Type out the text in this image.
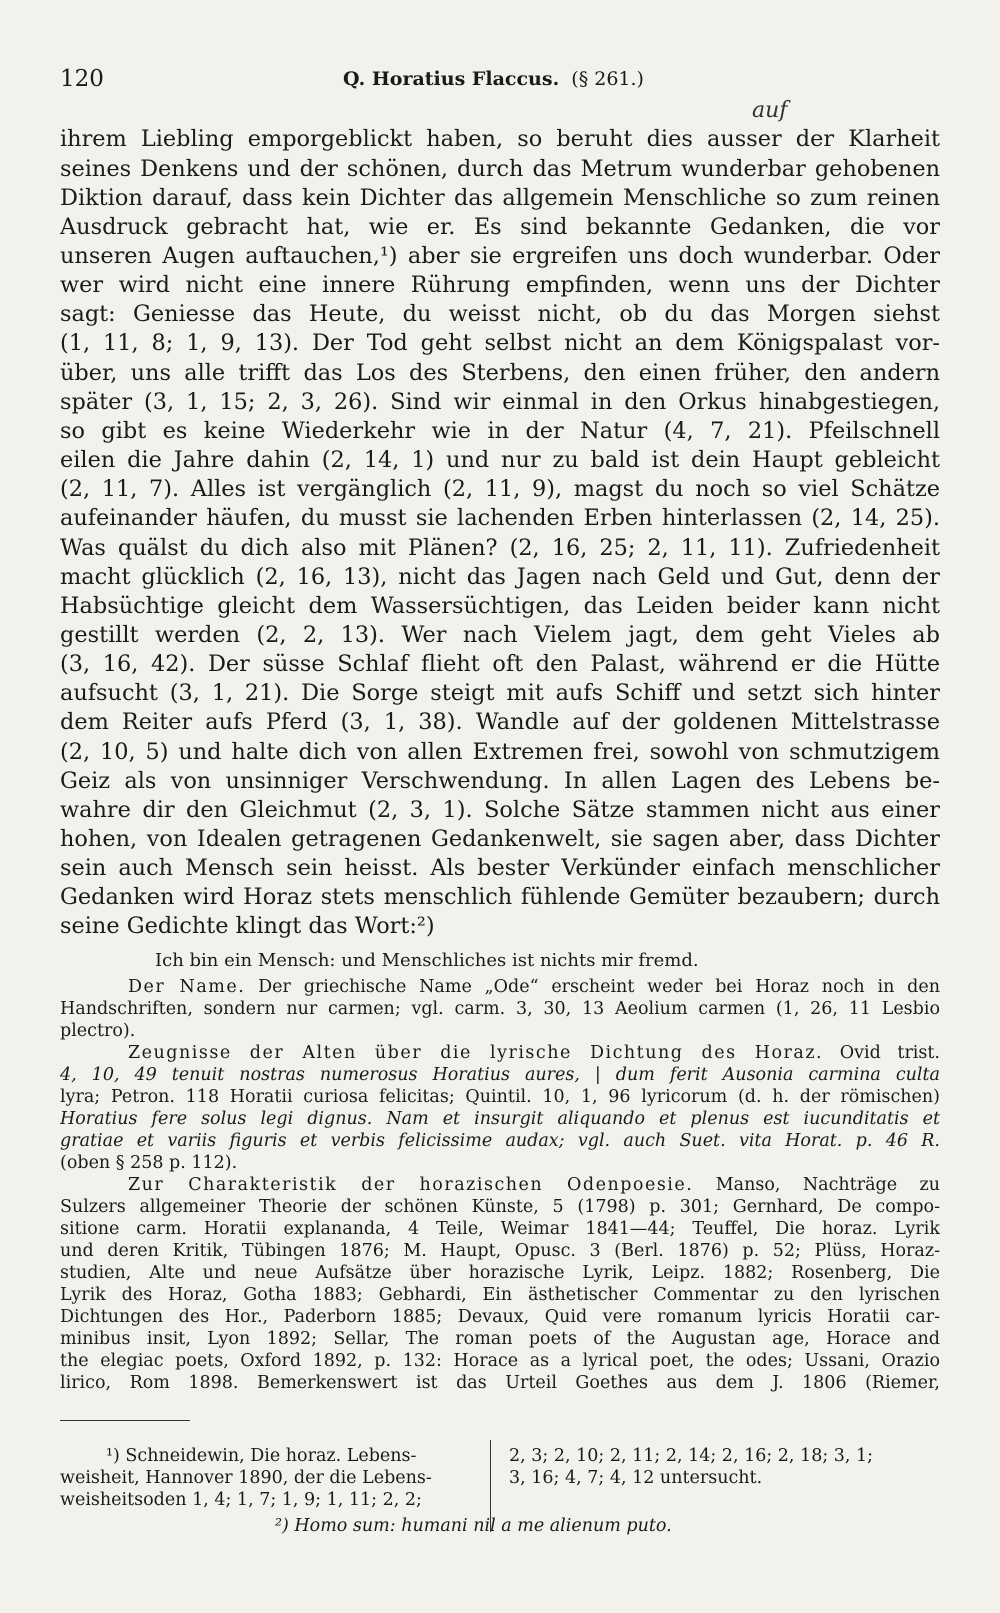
120	Q. Horatius Flaccus. (§ 261.)
auf
ihrem Liebling emporgeblickt haben, so beruht dies ausser der Klarheit
seines Denkens und der schönen, durch das Metrum wunderbar gehobenen
Diktion darauf, dass kein Dichter das allgemein Menschliche so zum reinen
Ausdruck gebracht hat, wie er. Es sind bekannte Gedanken, die vor
unseren Augen auftauchen,¹) aber sie ergreifen uns doch wunderbar. Oder
wer wird nicht eine innere Rührung empfinden, wenn uns der Dichter
sagt: Geniesse das Heute, du weisst nicht, ob du das Morgen siehst
(1, 11, 8; 1, 9, 13). Der Tod geht selbst nicht an dem Königspalast vor-
über, uns alle trifft das Los des Sterbens, den einen früher, den andern
später (3, 1, 15; 2, 3, 26). Sind wir einmal in den Orkus hinabgestiegen,
so gibt es keine Wiederkehr wie in der Natur (4, 7, 21). Pfeilschnell
eilen die Jahre dahin (2, 14, 1) und nur zu bald ist dein Haupt gebleicht
(2, 11, 7). Alles ist vergänglich (2, 11, 9), magst du noch so viel Schätze
aufeinander häufen, du musst sie lachenden Erben hinterlassen (2, 14, 25).
Was quälst du dich also mit Plänen? (2, 16, 25; 2, 11, 11). Zufriedenheit
macht glücklich (2, 16, 13), nicht das Jagen nach Geld und Gut, denn der
Habsüchtige gleicht dem Wassersüchtigen, das Leiden beider kann nicht
gestillt werden (2, 2, 13). Wer nach Vielem jagt, dem geht Vieles ab
(3, 16, 42). Der süsse Schlaf flieht oft den Palast, während er die Hütte
aufsucht (3, 1, 21). Die Sorge steigt mit aufs Schiff und setzt sich hinter
dem Reiter aufs Pferd (3, 1, 38). Wandle auf der goldenen Mittelstrasse
(2, 10, 5) und halte dich von allen Extremen frei, sowohl von schmutzigem
Geiz als von unsinniger Verschwendung. In allen Lagen des Lebens be-
wahre dir den Gleichmut (2, 3, 1). Solche Sätze stammen nicht aus einer
hohen, von Idealen getragenen Gedankenwelt, sie sagen aber, dass Dichter
sein auch Mensch sein heisst. Als bester Verkünder einfach menschlicher
Gedanken wird Horaz stets menschlich fühlende Gemüter bezaubern; durch
seine Gedichte klingt das Wort:²)
Ich bin ein Mensch: und Menschliches ist nichts mir fremd.
Der Name. Der griechische Name „Ode“ erscheint weder bei Horaz noch in den
Handschriften, sondern nur carmen; vgl. carm. 3, 30, 13 Aeolium carmen (1, 26, 11 Lesbio
plectro).
Zeugnisse der Alten über die lyrische Dichtung des Horaz. Ovid trist.
4, 10, 49 tenuit nostras numerosus Horatius aures, | dum ferit Ausonia carmina culta
lyra; Petron. 118 Horatii curiosa felicitas; Quintil. 10, 1, 96 lyricorum (d. h. der römischen)
Horatius fere solus legi dignus. Nam et insurgit aliquando et plenus est iucunditatis et
gratiae et variis figuris et verbis felicissime audax; vgl. auch Suet. vita Horat. p. 46 R.
(oben § 258 p. 112).
Zur Charakteristik der horazischen Odenpoesie. Manso, Nachträge zu
Sulzers allgemeiner Theorie der schönen Künste, 5 (1798) p. 301; Gernhard, De compo-
sitione carm. Horatii explananda, 4 Teile, Weimar 1841—44; Teuffel, Die horaz. Lyrik
und deren Kritik, Tübingen 1876; M. Haupt, Opusc. 3 (Berl. 1876) p. 52; Plüss, Horaz-
studien, Alte und neue Aufsätze über horazische Lyrik, Leipz. 1882; Rosenberg, Die
Lyrik des Horaz, Gotha 1883; Gebhardi, Ein ästhetischer Commentar zu den lyrischen
Dichtungen des Hor., Paderborn 1885; Devaux, Quid vere romanum lyricis Horatii car-
minibus insit, Lyon 1892; Sellar, The roman poets of the Augustan age, Horace and
the elegiac poets, Oxford 1892, p. 132: Horace as a lyrical poet, the odes; Ussani, Orazio
lirico, Rom 1898. Bemerkenswert ist das Urteil Goethes aus dem J. 1806 (Riemer,
¹) Schneidewin, Die horaz. Lebens-
weisheit, Hannover 1890, der die Lebens-
weisheitsoden 1, 4; 1, 7; 1, 9; 1, 11; 2, 2;
2, 3; 2, 10; 2, 11; 2, 14; 2, 16; 2, 18; 3, 1;
3, 16; 4, 7; 4, 12 untersucht.
²) Homo sum: humani nil a me alienum puto.
